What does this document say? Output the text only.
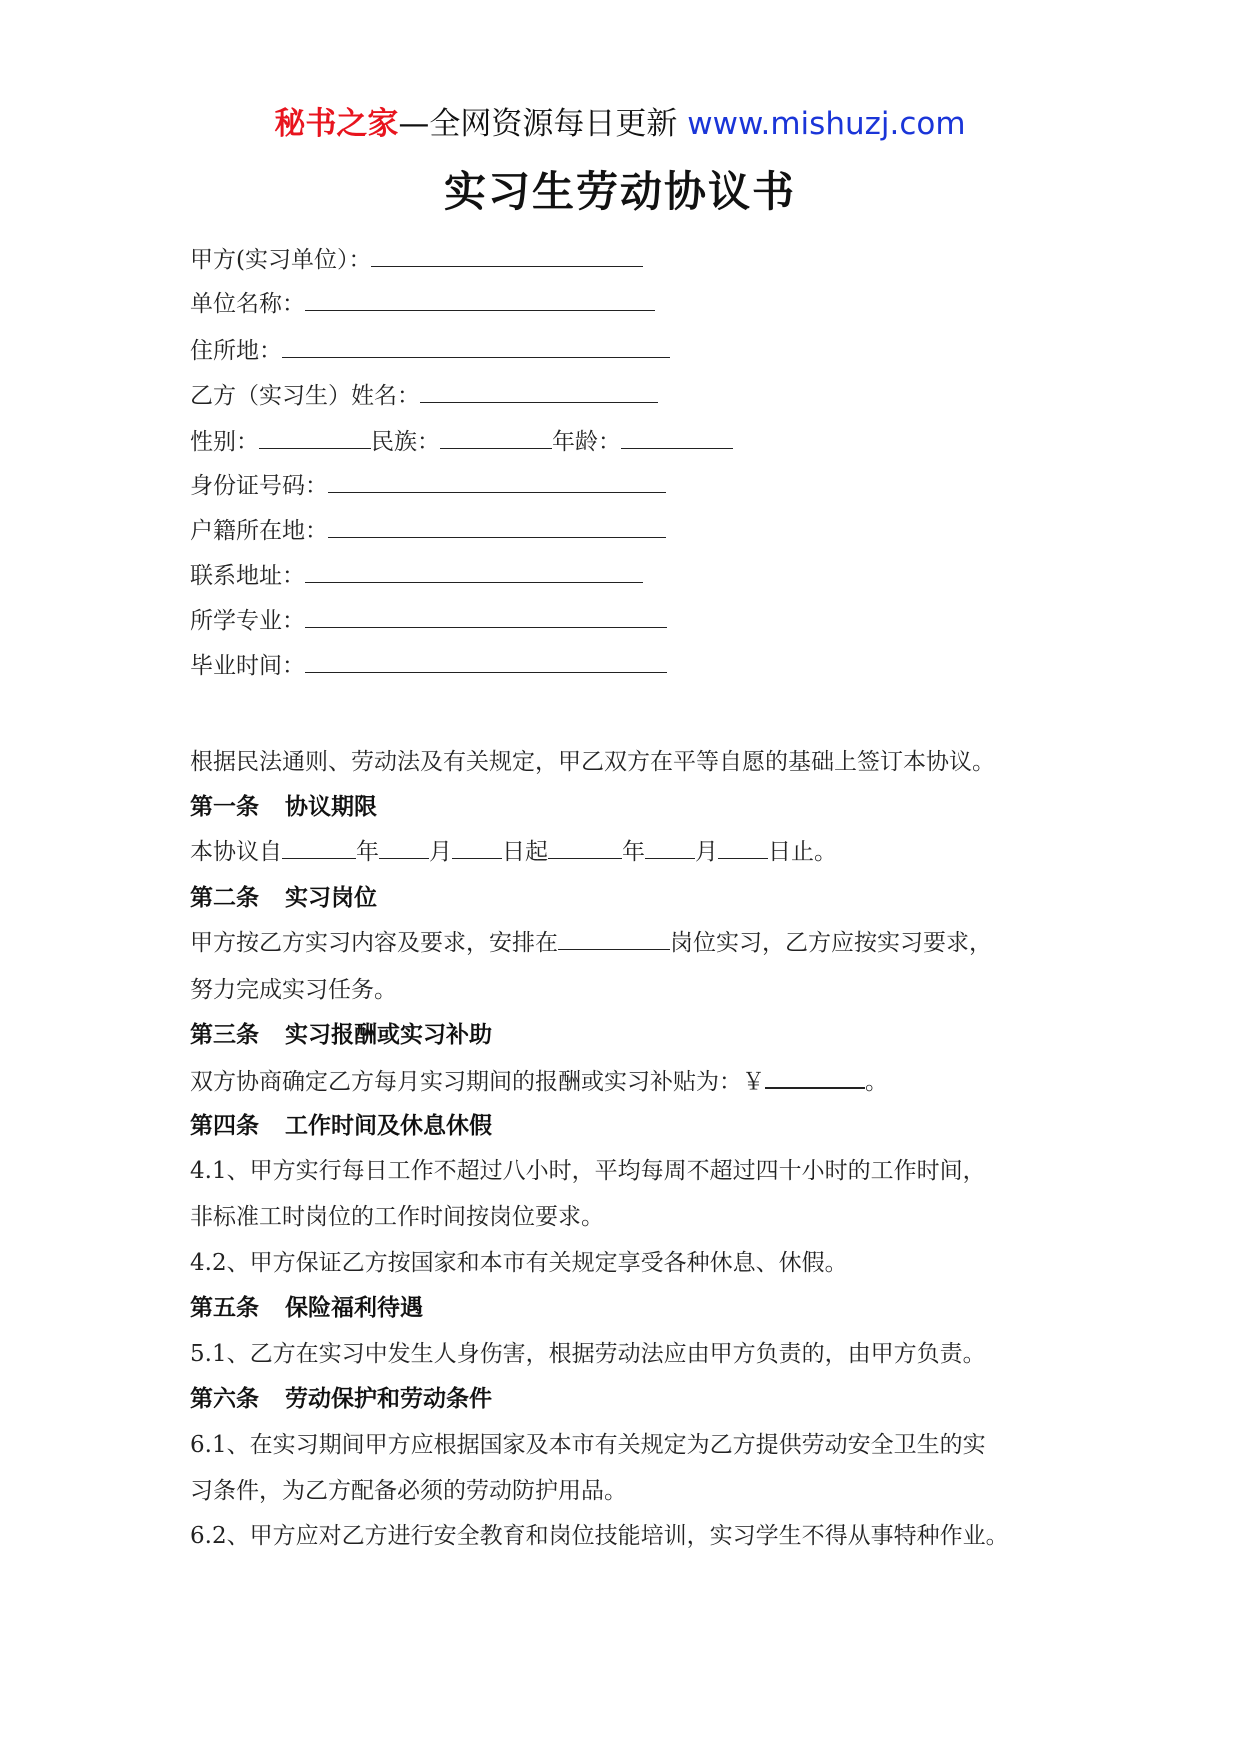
秘书之家—全网资源每日更新 www.mishuzj.com
实习生劳动协议书
甲方(实习单位）：
单位名称：
住所地：
乙方（实习生）姓名：
性别：	民族：	年龄：
身份证号码：
户籍所在地：
联系地址：
所学专业：
毕业时间：
根据民法通则、劳动法及有关规定，甲乙双方在平等自愿的基础上签订本协议。
第一条 协议期限
本协议自	年 月 日起	年 月 日止。
第二条 实习岗位
甲方按乙方实习内容及要求，安排在	岗位实习，乙方应按实习要求，
努力完成实习任务。
第三条 实习报酬或实习补助
双方协商确定乙方每月实习期间的报酬或实习补贴为：￥	。
第四条 工作时间及休息休假
4.1、甲方实行每日工作不超过八小时，平均每周不超过四十小时的工作时间，
非标准工时岗位的工作时间按岗位要求。
4.2、甲方保证乙方按国家和本市有关规定享受各种休息、休假。
第五条 保险福利待遇
5.1、乙方在实习中发生人身伤害，根据劳动法应由甲方负责的，由甲方负责。
第六条 劳动保护和劳动条件
6.1、在实习期间甲方应根据国家及本市有关规定为乙方提供劳动安全卫生的实
习条件，为乙方配备必须的劳动防护用品。
6.2、甲方应对乙方进行安全教育和岗位技能培训，实习学生不得从事特种作业。
